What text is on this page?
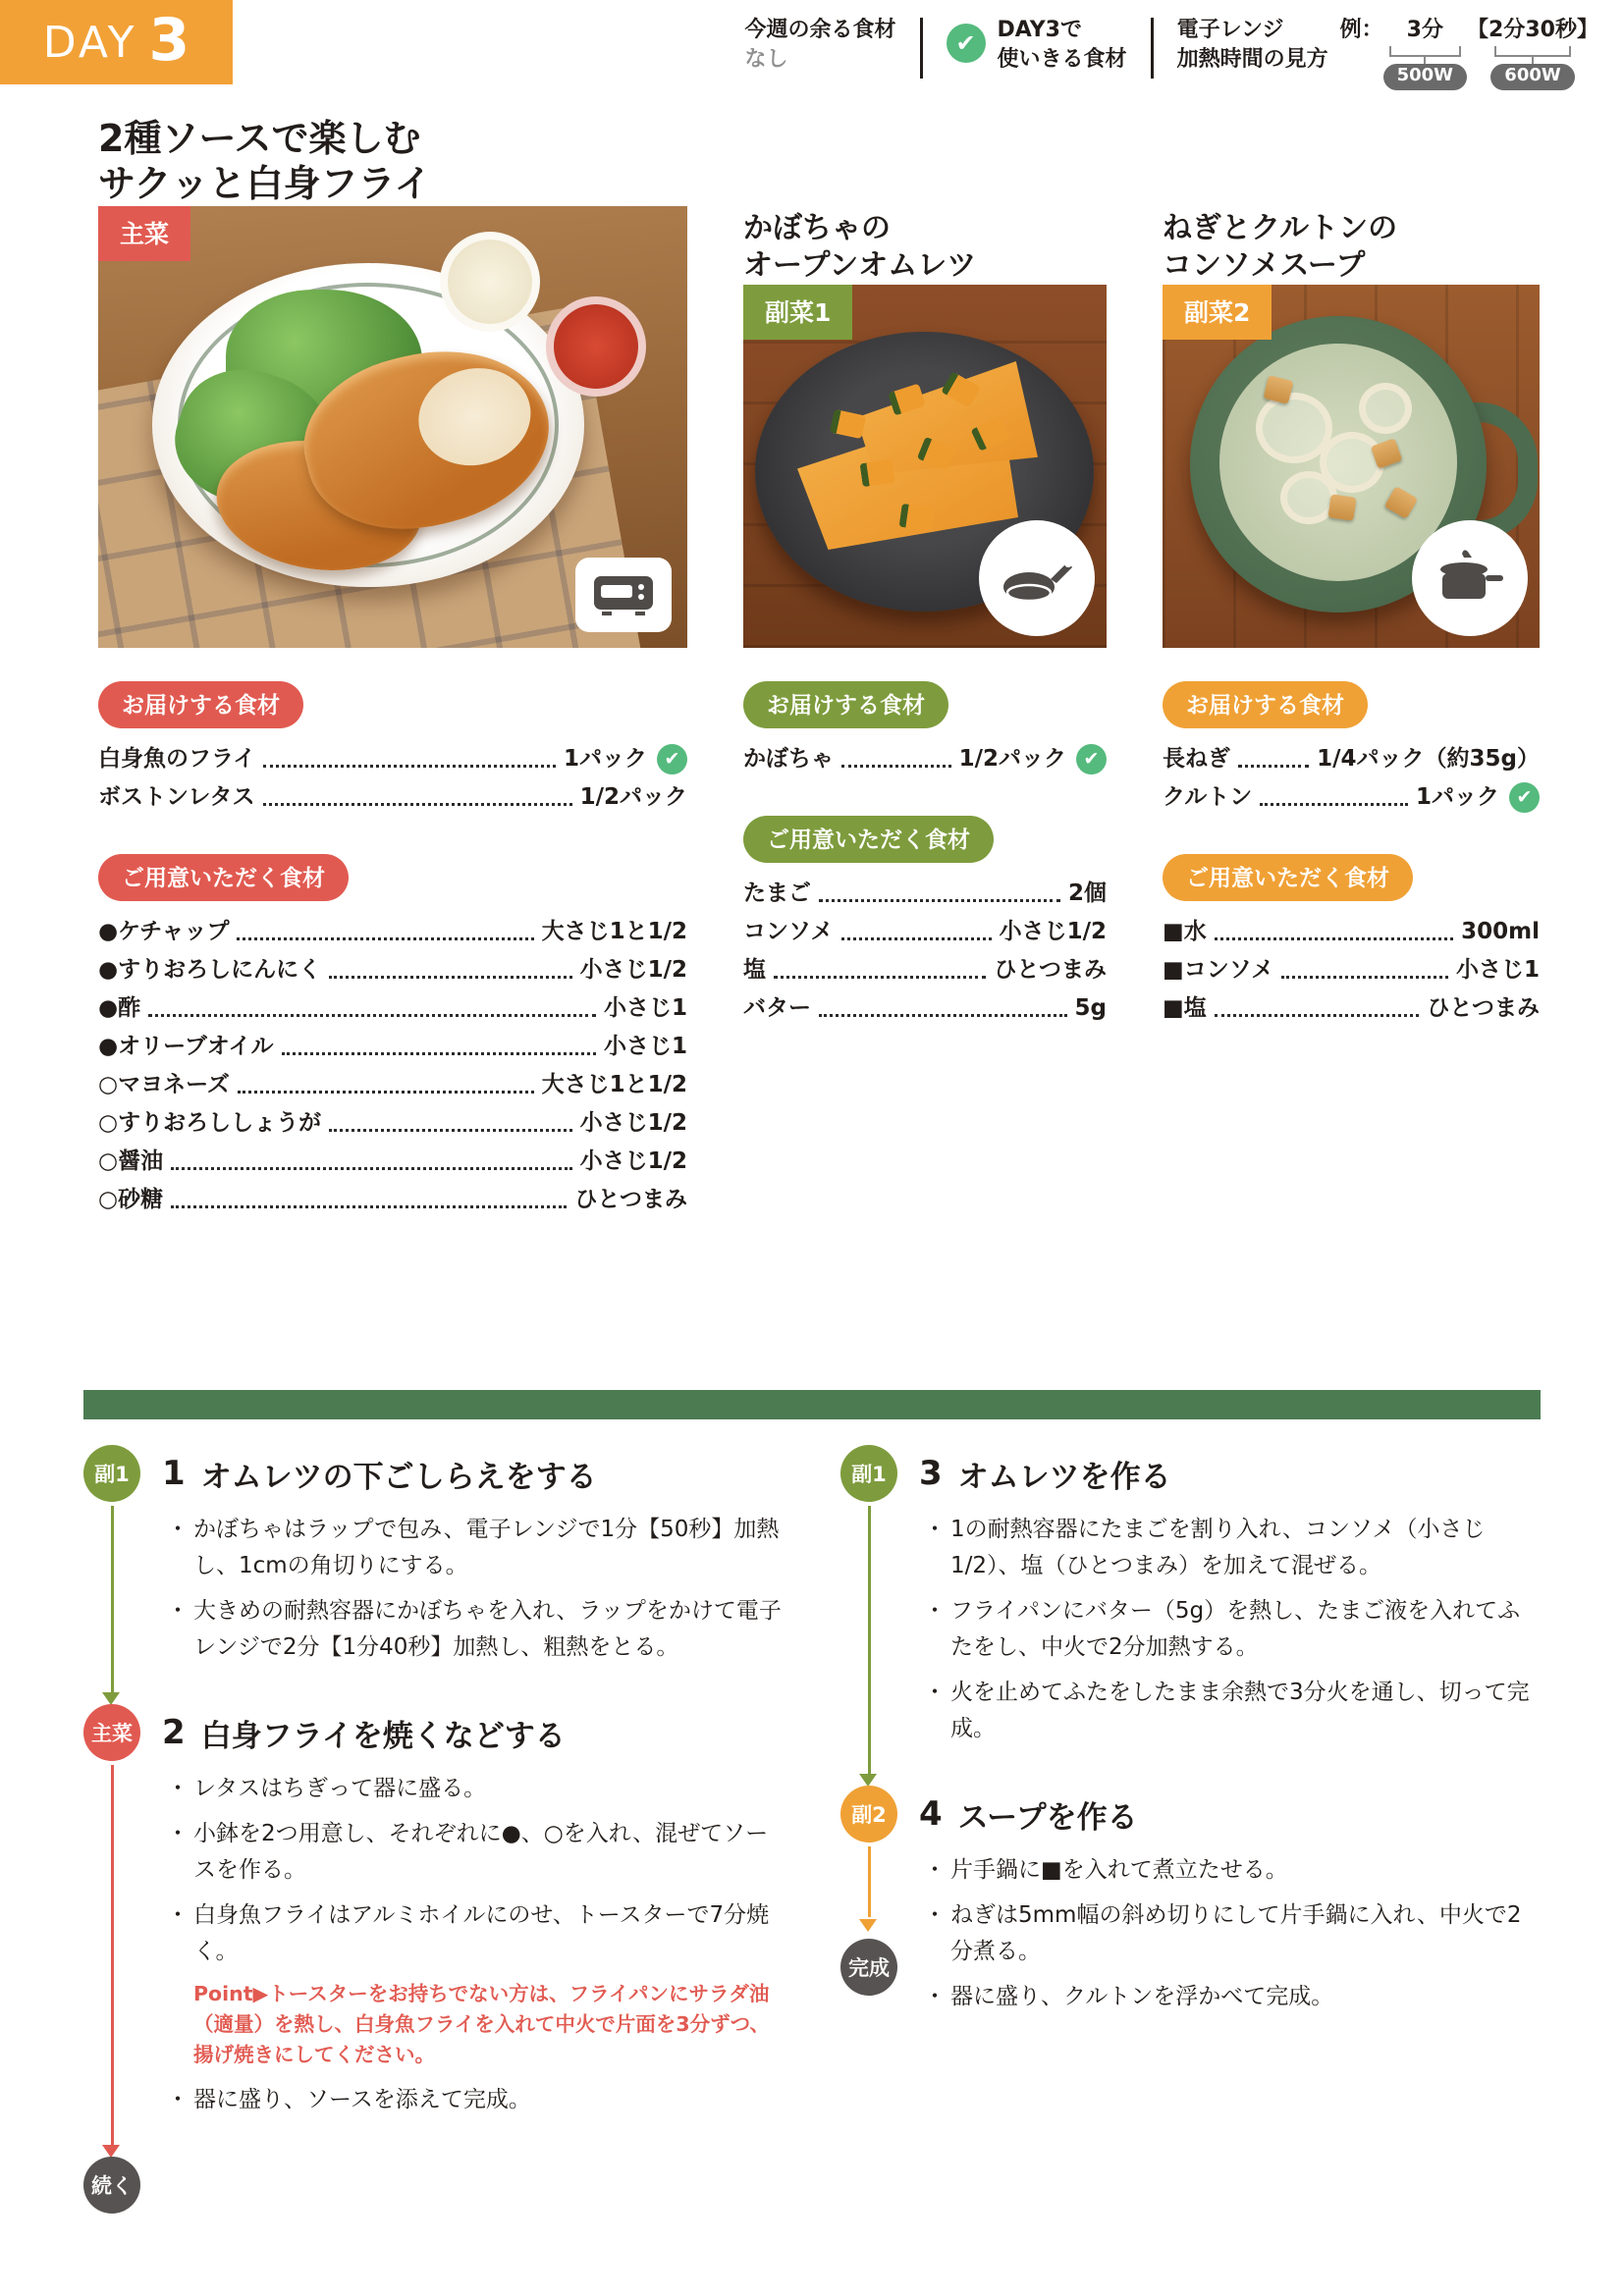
DAY 3	今週の余る食材
なし
✔ DAY3で
使いきる食材
電子レンジ
加熱時間の見方
例： 3分
500W
【 2分30秒
600W
】
2種ソースで楽しむ
サクッと白身フライ
主菜
お届けする食材
白身魚のフライ	1パック ✔
ボストンレタス	1/2パック
ご用意いただく食材
●ケチャップ	大さじ1と1/2
●すりおろしにんにく	小さじ1/2
●酢	小さじ1
●オリーブオイル	小さじ1
○マヨネーズ	大さじ1と1/2
○すりおろししょうが	小さじ1/2
○醤油	小さじ1/2
○砂糖	ひとつまみ
かぼちゃの
オープンオムレツ
副菜1
お届けする食材
かぼちゃ	1/2パック ✔
ご用意いただく食材
たまご	2個
コンソメ	小さじ1/2
塩	ひとつまみ
バター	5g
ねぎとクルトンの
コンソメスープ
副菜2
お届けする食材
長ねぎ	1/4パック（約35g）
クルトン	1パック ✔
ご用意いただく食材
■水	300ml
■コンソメ	小さじ1
■塩	ひとつまみ
副1 1 オムレツの下ごしらえをする
・ かぼちゃはラップで包み、電子レンジで1分【50秒】加熱し、1cmの角切りにする。
・ 大きめの耐熱容器にかぼちゃを入れ、ラップをかけて電子レンジで2分【1分40秒】加熱し、粗熱をとる。
主菜 2 白身フライを焼くなどする
・ レタスはちぎって器に盛る。
・ 小鉢を2つ用意し、それぞれに●、○を入れ、混ぜてソースを作る。
・ 白身魚フライはアルミホイルにのせ、トースターで7分焼く。

Point▶トースターをお持ちでない方は、フライパンにサラダ油（適量）を熱し、白身魚フライを入れて中火で片面を3分ずつ、揚げ焼きにしてください。

・ 器に盛り、ソースを添えて完成。
続く
副1 3 オムレツを作る
・ 1の耐熱容器にたまごを割り入れ、コンソメ（小さじ1/2）、塩（ひとつまみ）を加えて混ぜる。
・ フライパンにバター（5g）を熱し、たまご液を入れてふたをし、中火で2分加熱する。
・ 火を止めてふたをしたまま余熱で3分火を通し、切って完成。
副2
完成
4 スープを作る
・ 片手鍋に■を入れて煮立たせる。
・ ねぎは5mm幅の斜め切りにして片手鍋に入れ、中火で2分煮る。
・ 器に盛り、クルトンを浮かべて完成。
